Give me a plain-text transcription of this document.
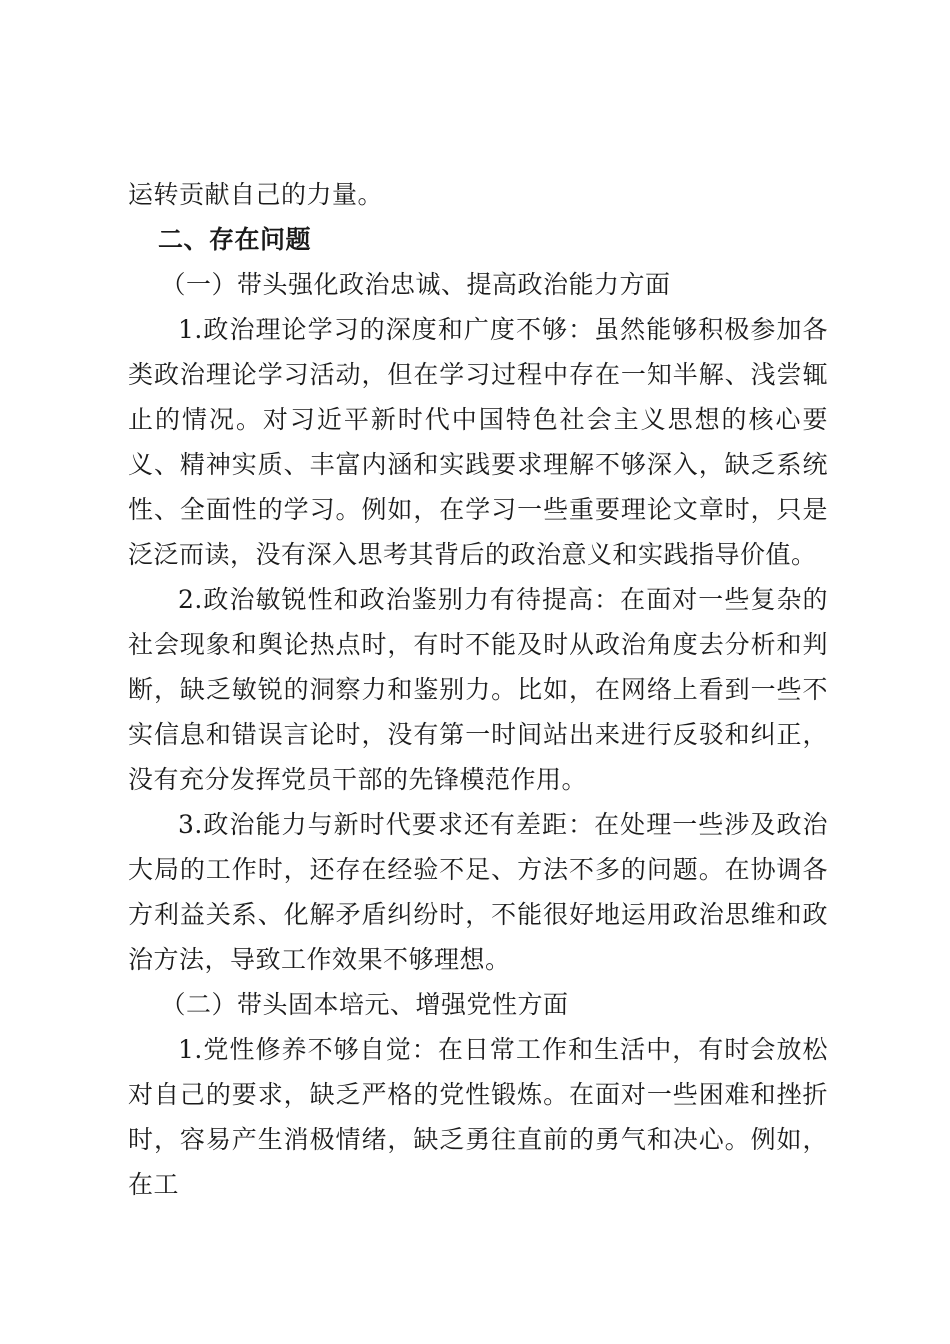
运转贡献自己的力量。

二、存在问题

（一）带头强化政治忠诚、提高政治能力方面

1.政治理论学习的深度和广度不够：虽然能够积极参加各类政治理论学习活动，但在学习过程中存在一知半解、浅尝辄止的情况。对习近平新时代中国特色社会主义思想的核心要义、精神实质、丰富内涵和实践要求理解不够深入，缺乏系统性、全面性的学习。例如，在学习一些重要理论文章时，只是泛泛而读，没有深入思考其背后的政治意义和实践指导价值。

2.政治敏锐性和政治鉴别力有待提高：在面对一些复杂的社会现象和舆论热点时，有时不能及时从政治角度去分析和判断，缺乏敏锐的洞察力和鉴别力。比如，在网络上看到一些不实信息和错误言论时，没有第一时间站出来进行反驳和纠正，没有充分发挥党员干部的先锋模范作用。

3.政治能力与新时代要求还有差距：在处理一些涉及政治大局的工作时，还存在经验不足、方法不多的问题。在协调各方利益关系、化解矛盾纠纷时，不能很好地运用政治思维和政治方法，导致工作效果不够理想。

（二）带头固本培元、增强党性方面

1.党性修养不够自觉：在日常工作和生活中，有时会放松对自己的要求，缺乏严格的党性锻炼。在面对一些困难和挫折时，容易产生消极情绪，缺乏勇往直前的勇气和决心。例如，在工
